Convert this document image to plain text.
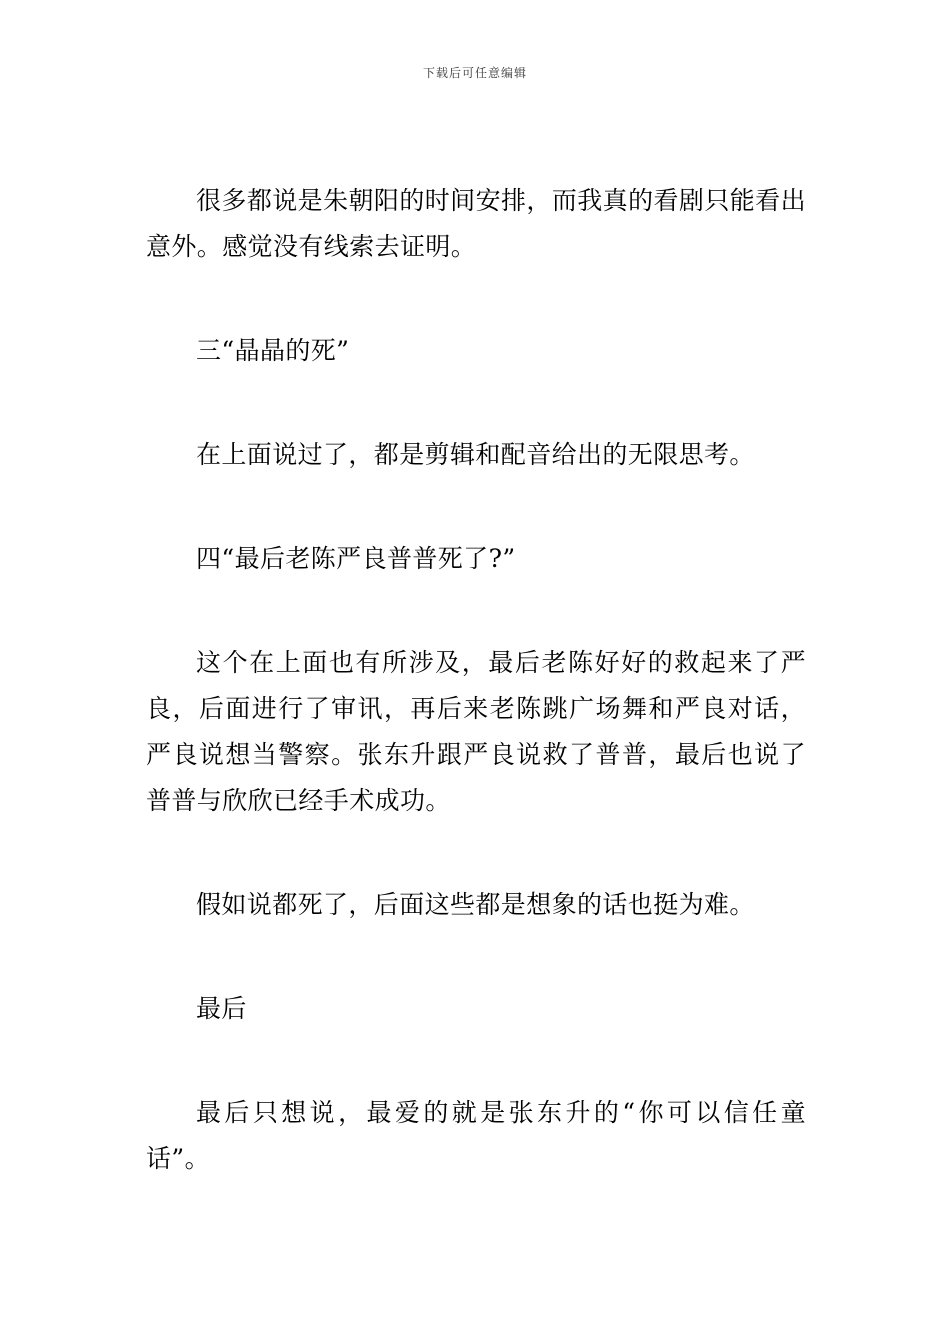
下载后可任意编辑

很多都说是朱朝阳的时间安排，而我真的看剧只能看出意外。感觉没有线索去证明。

三“晶晶的死”

在上面说过了，都是剪辑和配音给出的无限思考。

四“最后老陈严良普普死了?”

这个在上面也有所涉及，最后老陈好好的救起来了严良，后面进行了审讯，再后来老陈跳广场舞和严良对话，严良说想当警察。张东升跟严良说救了普普，最后也说了普普与欣欣已经手术成功。

假如说都死了，后面这些都是想象的话也挺为难。

最后

最后只想说，最爱的就是张东升的“你可以信任童话”。
